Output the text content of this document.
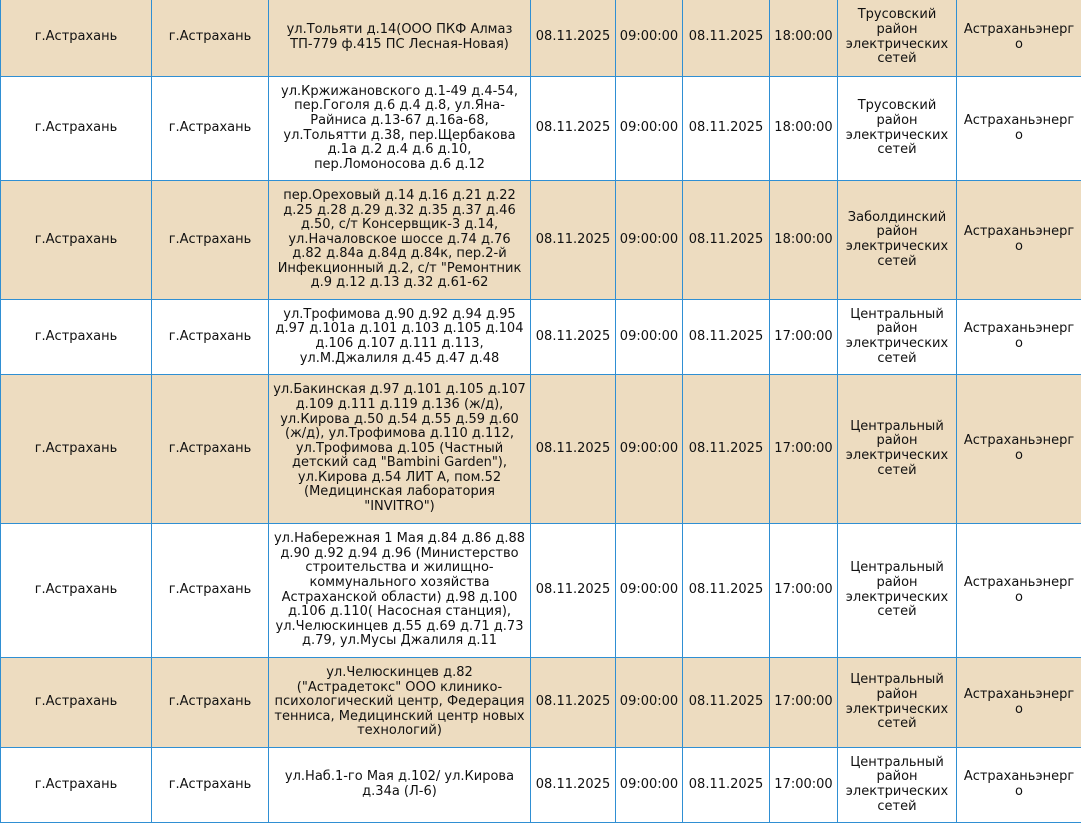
г.Астрахань	г.Астрахань	ул.Тольяти д.14(ООО ПКФ Алмаз ТП-779 ф.415 ПС Лесная-Новая)	08.11.2025	09:00:00	08.11.2025	18:00:00	Трусовский район электрических сетей	Астраханьэнерго
г.Астрахань	г.Астрахань	ул.Кржижановского д.1-49 д.4-54, пер.Гоголя д.6 д.4 д.8, ул.Яна-Райниса д.13-67 д.16а-68, ул.Тольятти д.38, пер.Щербакова д.1а д.2 д.4 д.6 д.10, пер.Ломоносова д.6 д.12	08.11.2025	09:00:00	08.11.2025	18:00:00	Трусовский район электрических сетей	Астраханьэнерго
г.Астрахань	г.Астрахань	пер.Ореховый д.14 д.16 д.21 д.22 д.25 д.28 д.29 д.32 д.35 д.37 д.46 д.50, с/т Консервщик-3 д.14, ул.Началовское шоссе д.74 д.76 д.82 д.84а д.84д д.84к, пер.2-й Инфекционный д.2, с/т "Ремонтник д.9 д.12 д.13 д.32 д.61-62	08.11.2025	09:00:00	08.11.2025	18:00:00	Заболдинский район электрических сетей	Астраханьэнерго
г.Астрахань	г.Астрахань	ул.Трофимова д.90 д.92 д.94 д.95 д.97 д.101а д.101 д.103 д.105 д.104 д.106 д.107 д.111 д.113, ул.М.Джалиля д.45 д.47 д.48	08.11.2025	09:00:00	08.11.2025	17:00:00	Центральный район электрических сетей	Астраханьэнерго
г.Астрахань	г.Астрахань	ул.Бакинская д.97 д.101 д.105 д.107 д.109 д.111 д.119 д.136 (ж/д), ул.Кирова д.50 д.54 д.55 д.59 д.60 (ж/д), ул.Трофимова д.110 д.112, ул.Трофимова д.105 (Частный детский сад "Bambini Garden"), ул.Кирова д.54 ЛИТ А, пом.52 (Медицинская лаборатория "INVITRO")	08.11.2025	09:00:00	08.11.2025	17:00:00	Центральный район электрических сетей	Астраханьэнерго
г.Астрахань	г.Астрахань	ул.Набережная 1 Мая д.84 д.86 д.88 д.90 д.92 д.94 д.96 (Министерство строительства и жилищно-коммунального хозяйства Астраханской области) д.98 д.100 д.106 д.110( Насосная станция), ул.Челюскинцев д.55 д.69 д.71 д.73 д.79, ул.Мусы Джалиля д.11	08.11.2025	09:00:00	08.11.2025	17:00:00	Центральный район электрических сетей	Астраханьэнерго
г.Астрахань	г.Астрахань	ул.Челюскинцев д.82 ("Астрадетокс" ООО клинико-психологический центр, Федерация тенниса, Медицинский центр новых технологий)	08.11.2025	09:00:00	08.11.2025	17:00:00	Центральный район электрических сетей	Астраханьэнерго
г.Астрахань	г.Астрахань	ул.Наб.1-го Мая д.102/ ул.Кирова д.34а (Л-6)	08.11.2025	09:00:00	08.11.2025	17:00:00	Центральный район электрических сетей	Астраханьэнерго
